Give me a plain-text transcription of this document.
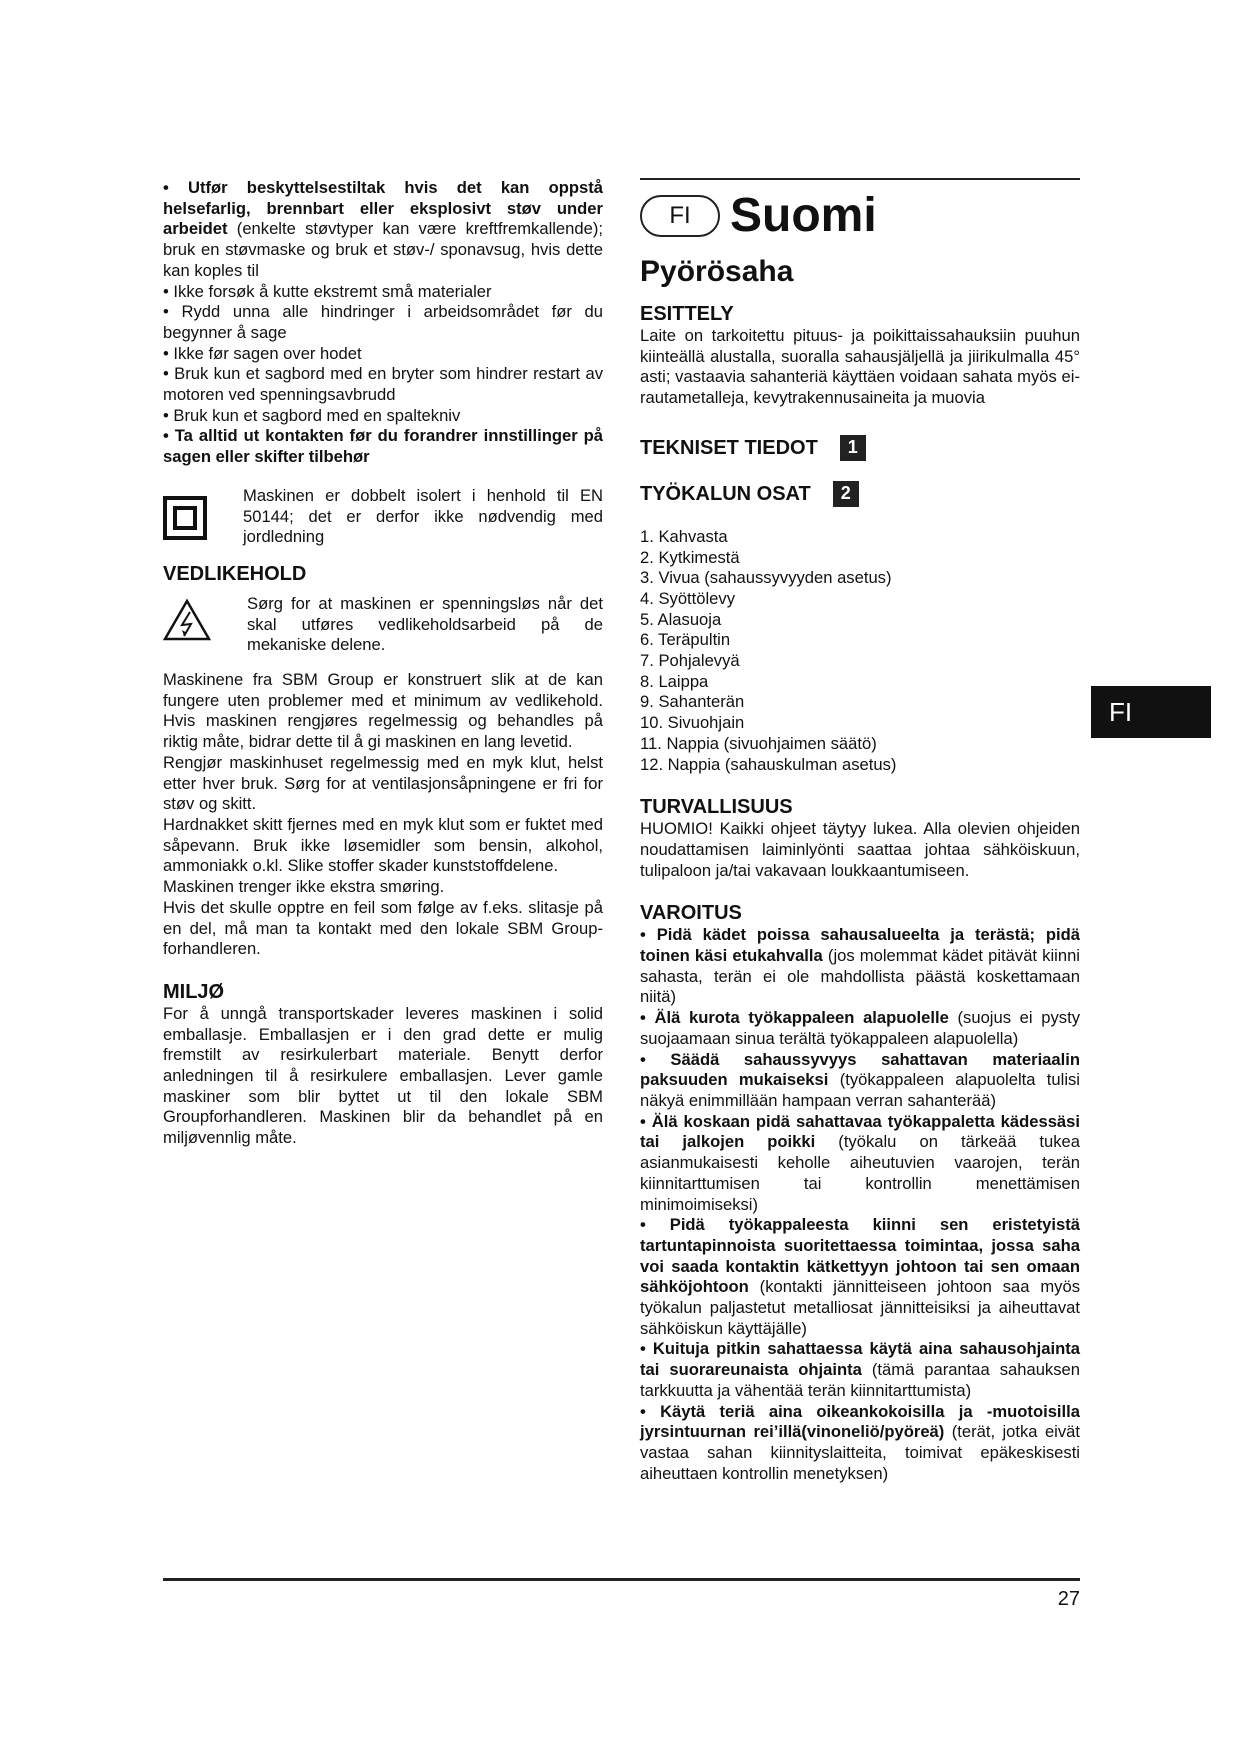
• Utfør beskyttelsestiltak hvis det kan oppstå helsefarlig, brennbart eller eksplosivt støv under arbeidet (enkelte støvtyper kan være kreftfremkallende); bruk en støvmaske og bruk et støv-/ sponavsug, hvis dette kan koples til

• Ikke forsøk å kutte ekstremt små materialer

• Rydd unna alle hindringer i arbeidsområdet før du begynner å sage

• Ikke før sagen over hodet

• Bruk kun et sagbord med en bryter som hindrer restart av motoren ved spenningsavbrudd

• Bruk kun et sagbord med en spaltekniv

• Ta alltid ut kontakten før du forandrer innstillinger på sagen eller skifter tilbehør

Maskinen er dobbelt isolert i henhold til EN 50144; det er derfor ikke nødvendig med jordledning

VEDLIKEHOLD

Sørg for at maskinen er spenningsløs når det skal utføres vedlikeholdsarbeid på de mekaniske delene.

Maskinene fra SBM Group er konstruert slik at de kan fungere uten problemer med et minimum av vedlikehold. Hvis maskinen rengjøres regelmessig og behandles på riktig måte, bidrar dette til å gi maskinen en lang levetid.

Rengjør maskinhuset regelmessig med en myk klut, helst etter hver bruk. Sørg for at ventilasjonsåpningene er fri for støv og skitt.

Hardnakket skitt fjernes med en myk klut som er fuktet med såpevann. Bruk ikke løsemidler som bensin, alkohol, ammoniakk o.kl. Slike stoffer skader kunststoffdelene.

Maskinen trenger ikke ekstra smøring.

Hvis det skulle opptre en feil som følge av f.eks. slitasje på en del, må man ta kontakt med den lokale SBM Group- forhandleren.

MILJØ

For å unngå transportskader leveres maskinen i solid emballasje. Emballasjen er i den grad dette er mulig fremstilt av resirkulerbart materiale. Benytt derfor anledningen til å resirkulere emballasjen. Lever gamle maskiner som blir byttet ut til den lokale SBM Groupforhandleren. Maskinen blir da behandlet på en miljøvennlig måte.

FI Suomi
Pyörösaha

ESITTELY

Laite on tarkoitettu pituus- ja poikittaissahauksiin puuhun kiinteällä alustalla, suoralla sahausjäljellä ja jiirikulmalla 45° asti; vastaavia sahanteriä käyttäen voidaan sahata myös ei-rautametalleja, kevytrakennusaineita ja muovia

TEKNISET TIEDOT	1
TYÖKALUN OSAT	2
1. Kahvasta
2. Kytkimestä
3. Vivua (sahaussyvyyden asetus)
4. Syöttölevy
5. Alasuoja
6. Teräpultin
7. Pohjalevyä
8. Laippa
9. Sahanterän
10. Sivuohjain
11. Nappia (sivuohjaimen säätö)
12. Nappia (sahauskulman asetus)

TURVALLISUUS

HUOMIO! Kaikki ohjeet täytyy lukea. Alla olevien ohjeiden noudattamisen laiminlyönti saattaa johtaa sähköiskuun, tulipaloon ja/tai vakavaan loukkaantumiseen.

VAROITUS

• Pidä kädet poissa sahausalueelta ja terästä; pidä toinen käsi etukahvalla (jos molemmat kädet pitävät kiinni sahasta, terän ei ole mahdollista päästä koskettamaan niitä)

• Älä kurota työkappaleen alapuolelle (suojus ei pysty suojaamaan sinua terältä työkappaleen alapuolella)

• Säädä sahaussyvyys sahattavan materiaalin paksuuden mukaiseksi (työkappaleen alapuolelta tulisi näkyä enimmillään hampaan verran sahanterää)

• Älä koskaan pidä sahattavaa työkappaletta kädessäsi tai jalkojen poikki (työkalu on tärkeää tukea asianmukaisesti keholle aiheutuvien vaarojen, terän kiinnitarttumisen tai kontrollin menettämisen minimoimiseksi)

• Pidä työkappaleesta kiinni sen eristetyistä tartuntapinnoista suoritettaessa toimintaa, jossa saha voi saada kontaktin kätkettyyn johtoon tai sen omaan sähköjohtoon (kontakti jännitteiseen johtoon saa myös työkalun paljastetut metalliosat jännitteisiksi ja aiheuttavat sähköiskun käyttäjälle)

• Kuituja pitkin sahattaessa käytä aina sahausohjainta tai suorareunaista ohjainta (tämä parantaa sahauksen tarkkuutta ja vähentää terän kiinnitarttumista)

• Käytä teriä aina oikeankokoisilla ja -muotoisilla jyrsintuurnan rei’illä(vinoneliö/pyöreä) (terät, jotka eivät vastaa sahan kiinnityslaitteita, toimivat epäkeskisesti aiheuttaen kontrollin menetyksen)

FI
27
